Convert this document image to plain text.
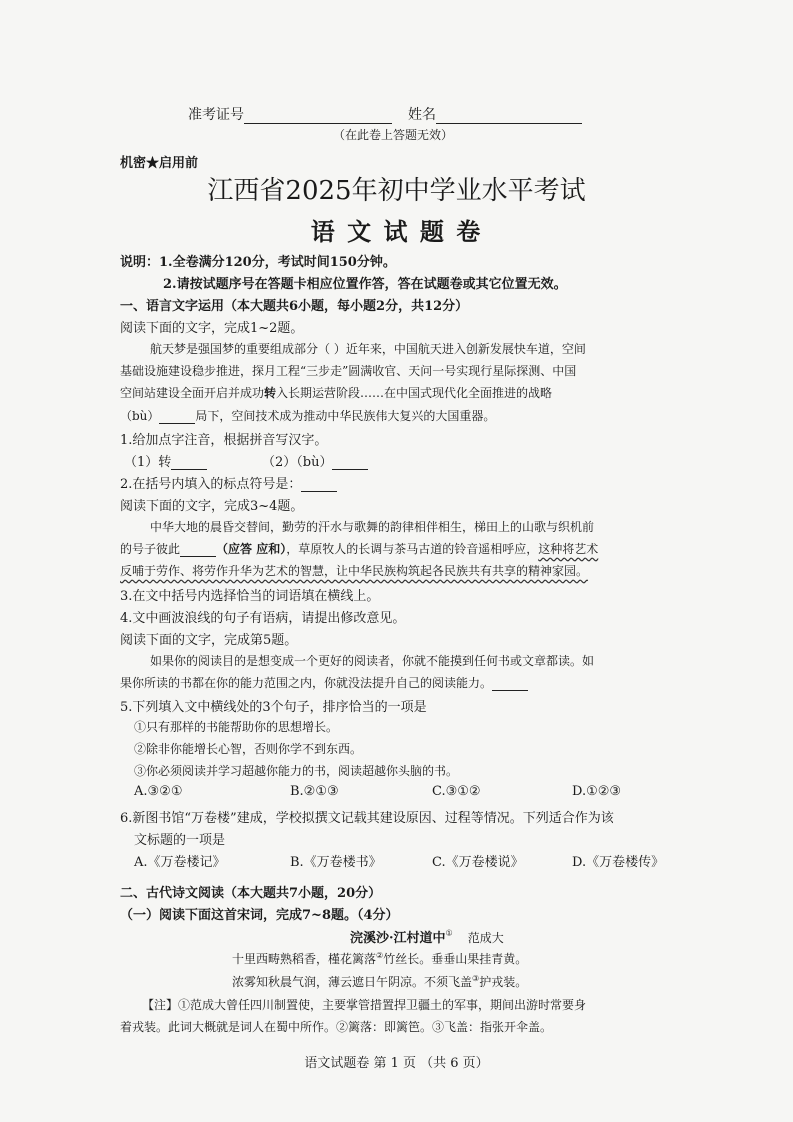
准考证号	姓名
（在此卷上答题无效）
机密★启用前
江西省2025年初中学业水平考试
语 文 试 题 卷
说明：1.全卷满分120分，考试时间150分钟。
2.请按试题序号在答题卡相应位置作答，答在试题卷或其它位置无效。
一、语言文字运用（本大题共6小题，每小题2分，共12分）
阅读下面的文字，完成1~2题。
航天梦是强国梦的重要组成部分（ ）近年来，中国航天进入创新发展快车道，空间
基础设施建设稳步推进，探月工程“三步走”圆满收官、天问一号实现行星际探测、中国
空间站建设全面开启并成功转入长期运营阶段……在中国式现代化全面推进的战略
（bù）	局下，空间技术成为推动中华民族伟大复兴的大国重器。
1.给加点字注音，根据拼音写汉字。
（1）转	（2）（bù）
2.在括号内填入的标点符号是：
阅读下面的文字，完成3~4题。
中华大地的晨昏交替间，勤劳的汗水与歌舞的韵律相伴相生，梯田上的山歌与织机前
的号子彼此	（应答 应和），草原牧人的长调与茶马古道的铃音遥相呼应，这种将艺术
反哺于劳作、将劳作升华为艺术的智慧，让中华民族构筑起各民族共有共享的精神家园。
3.在文中括号内选择恰当的词语填在横线上。
4.文中画波浪线的句子有语病，请提出修改意见。
阅读下面的文字，完成第5题。
如果你的阅读目的是想变成一个更好的阅读者，你就不能摸到任何书或文章都读。如
果你所读的书都在你的能力范围之内，你就没法提升自己的阅读能力。
5.下列填入文中横线处的3个句子，排序恰当的一项是
①只有那样的书能帮助你的思想增长。
②除非你能增长心智，否则你学不到东西。
③你必须阅读并学习超越你能力的书，阅读超越你头脑的书。
A.③②①	B.②①③	C.③①②	D.①②③
6.新图书馆“万卷楼”建成，学校拟撰文记载其建设原因、过程等情况。下列适合作为该
文标题的一项是
A.《万卷楼记》	B.《万卷楼书》	C.《万卷楼说》	D.《万卷楼传》
二、古代诗文阅读（本大题共7小题，20分）
（一）阅读下面这首宋词，完成7~8题。（4分）
浣溪沙·江村道中① 范成大
十里西畴熟稻香，槿花篱落②竹丝长。垂垂山果挂青黄。
浓雾知秋晨气润，薄云遮日午阴凉。不须飞盖③护戎装。
【注】①范成大曾任四川制置使，主要掌管措置捍卫疆土的军事，期间出游时常要身
着戎装。此词大概就是词人在蜀中所作。②篱落：即篱笆。③飞盖：指张开伞盖。
语文试题卷 第 1 页 （共 6 页）
